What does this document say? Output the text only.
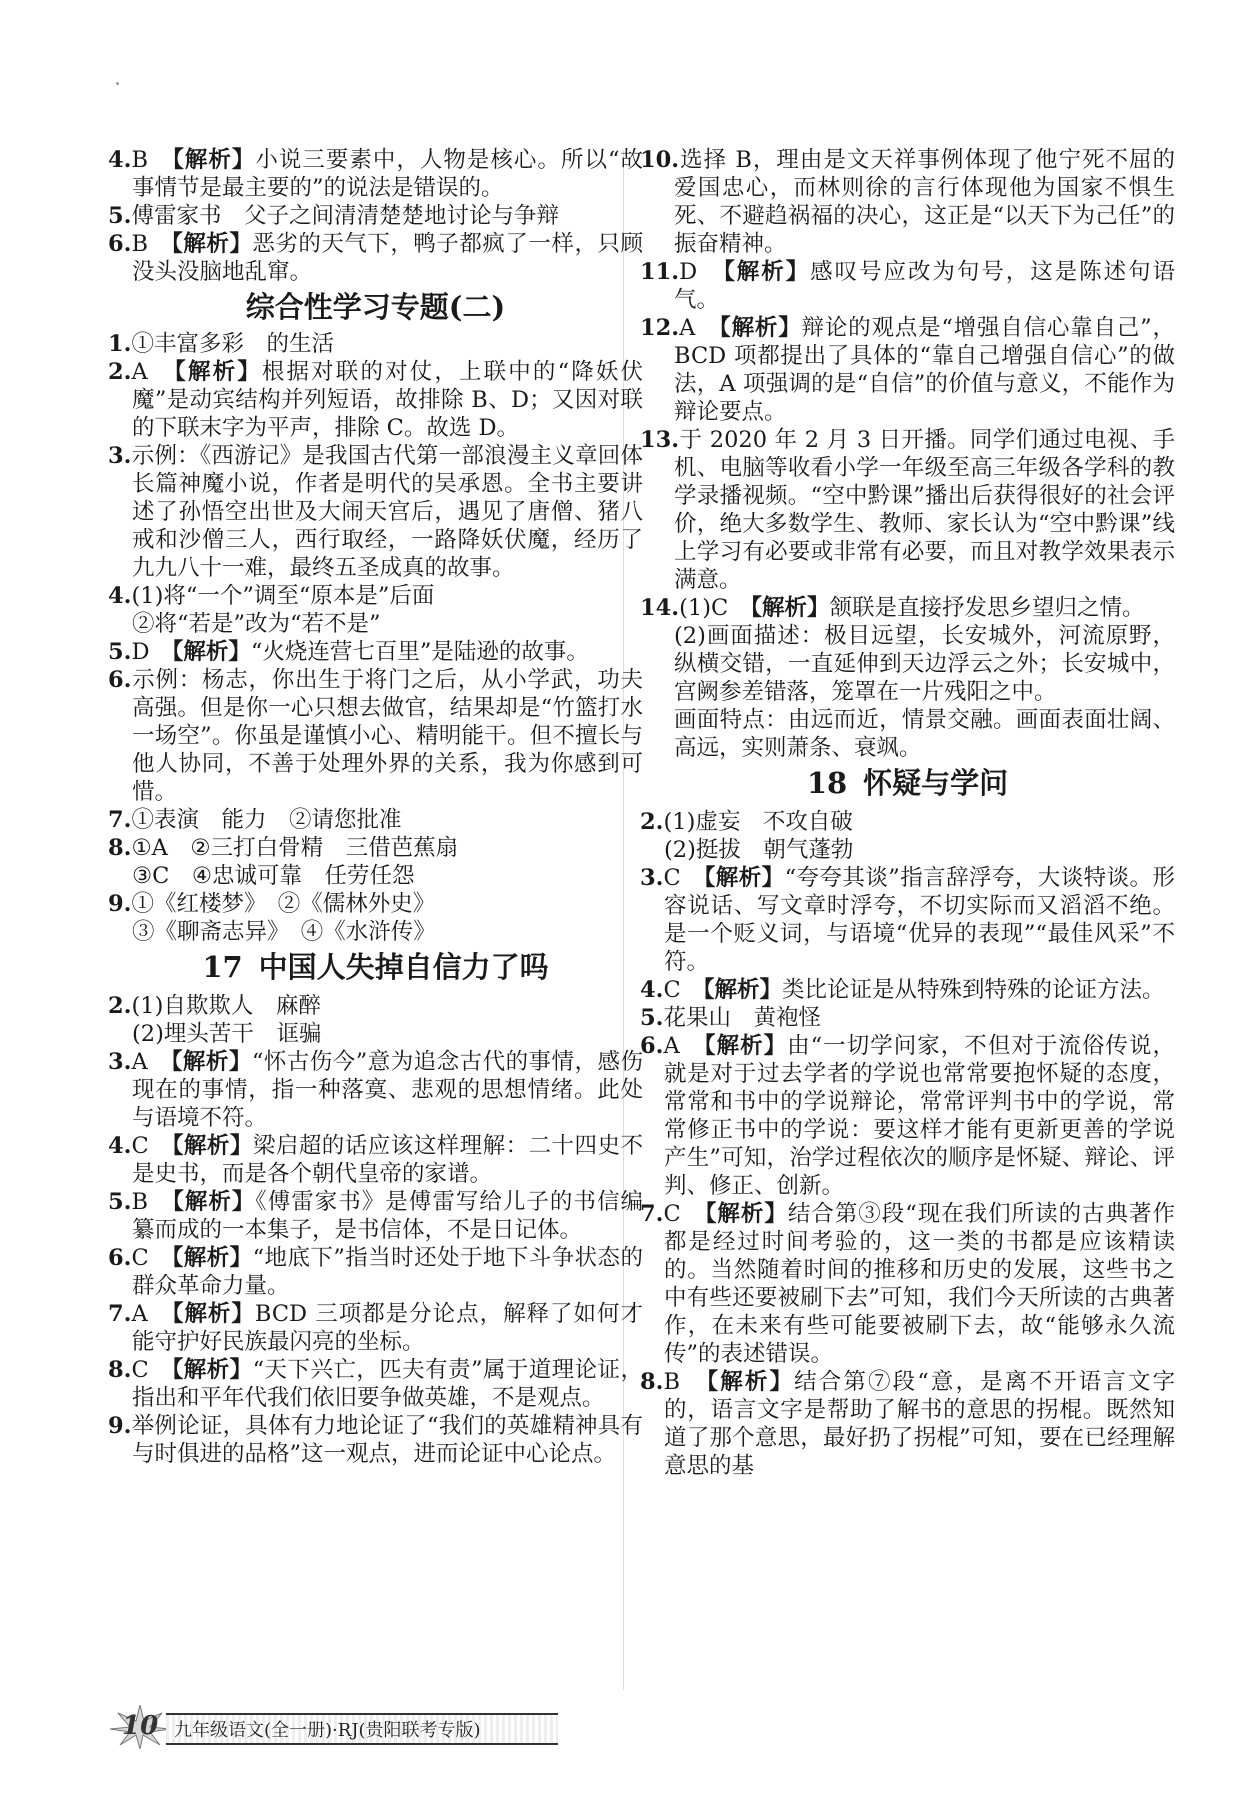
4.B　 【解析】小说三要素中，人物是核心。所以“故事情节是最主要的”的说法是错误的。

5.傅雷家书　父子之间清清楚楚地讨论与争辩

6.B　 【解析】恶劣的天气下，鸭子都疯了一样，只顾没头没脑地乱窜。

综合性学习专题(二)

1.①丰富多彩　的生活

2.A　 【解析】根据对联的对仗，上联中的“降妖伏魔”是动宾结构并列短语，故排除 B、D；又因对联的下联末字为平声，排除 C。故选 D。

3.示例：《西游记》是我国古代第一部浪漫主义章回体长篇神魔小说，作者是明代的吴承恩。全书主要讲述了孙悟空出世及大闹天宫后，遇见了唐僧、猪八戒和沙僧三人，西行取经，一路降妖伏魔，经历了九九八十一难，最终五圣成真的故事。

4.(1)将“一个”调至“原本是”后面

②将“若是”改为“若不是”

5.D　 【解析】“火烧连营七百里”是陆逊的故事。

6.示例：杨志，你出生于将门之后，从小学武，功夫高强。但是你一心只想去做官，结果却是“竹篮打水一场空”。你虽是谨慎小心、精明能干。但不擅长与他人协同，不善于处理外界的关系，我为你感到可惜。

7.①表演　能力　②请您批准

8.①A　②三打白骨精　三借芭蕉扇

③C　④忠诚可靠　任劳任怨

9.①《红楼梦》　②《儒林外史》

③《聊斋志异》　④《水浒传》

17 中国人失掉自信力了吗

2.(1)自欺欺人　麻醉

(2)埋头苦干　诓骗

3.A　 【解析】“怀古伤今”意为追念古代的事情，感伤现在的事情，指一种落寞、悲观的思想情绪。此处与语境不符。

4.C　 【解析】梁启超的话应该这样理解：二十四史不是史书，而是各个朝代皇帝的家谱。

5.B　 【解析】《傅雷家书》是傅雷写给儿子的书信编纂而成的一本集子，是书信体，不是日记体。

6.C　 【解析】“地底下”指当时还处于地下斗争状态的群众革命力量。

7.A　 【解析】BCD 三项都是分论点，解释了如何才能守护好民族最闪亮的坐标。

8.C　 【解析】“天下兴亡，匹夫有责”属于道理论证，指出和平年代我们依旧要争做英雄，不是观点。

9.举例论证，具体有力地论证了“我们的英雄精神具有与时俱进的品格”这一观点，进而论证中心论点。

10.选择 B，理由是文天祥事例体现了他宁死不屈的爱国忠心，而林则徐的言行体现他为国家不惧生死、不避趋祸福的决心，这正是“以天下为己任”的振奋精神。

11.D　 【解析】感叹号应改为句号，这是陈述句语气。

12.A　 【解析】辩论的观点是“增强自信心靠自己”，BCD 项都提出了具体的“靠自己增强自信心”的做法，A 项强调的是“自信”的价值与意义，不能作为辩论要点。

13.于 2020 年 2 月 3 日开播。同学们通过电视、手机、电脑等收看小学一年级至高三年级各学科的教学录播视频。“空中黔课”播出后获得很好的社会评价，绝大多数学生、教师、家长认为“空中黔课”线上学习有必要或非常有必要，而且对教学效果表示满意。

14.(1)C　 【解析】颔联是直接抒发思乡望归之情。

(2)画面描述：极目远望，长安城外，河流原野，纵横交错，一直延伸到天边浮云之外；长安城中，宫阙参差错落，笼罩在一片残阳之中。

画面特点：由远而近，情景交融。画面表面壮阔、高远，实则萧条、衰飒。

18 怀疑与学问

2.(1)虚妄　不攻自破

(2)挺拔　朝气蓬勃

3.C　 【解析】“夸夸其谈”指言辞浮夸，大谈特谈。形容说话、写文章时浮夸，不切实际而又滔滔不绝。是一个贬义词，与语境“优异的表现”“最佳风采”不符。

4.C　 【解析】类比论证是从特殊到特殊的论证方法。

5.花果山　黄袍怪

6.A　 【解析】由“一切学问家，不但对于流俗传说，就是对于过去学者的学说也常常要抱怀疑的态度，常常和书中的学说辩论，常常评判书中的学说，常常修正书中的学说：要这样才能有更新更善的学说产生”可知，治学过程依次的顺序是怀疑、辩论、评判、修正、创新。

7.C　 【解析】结合第③段“现在我们所读的古典著作都是经过时间考验的，这一类的书都是应该精读的。当然随着时间的推移和历史的发展，这些书之中有些还要被刷下去”可知，我们今天所读的古典著作，在未来有些可能要被刷下去，故“能够永久流传”的表述错误。

8.B　 【解析】结合第⑦段“意，是离不开语言文字的，语言文字是帮助了解书的意思的拐棍。既然知道了那个意思，最好扔了拐棍”可知，要在已经理解意思的基

10 九年级语文(全一册)·RJ(贵阳联考专版)
